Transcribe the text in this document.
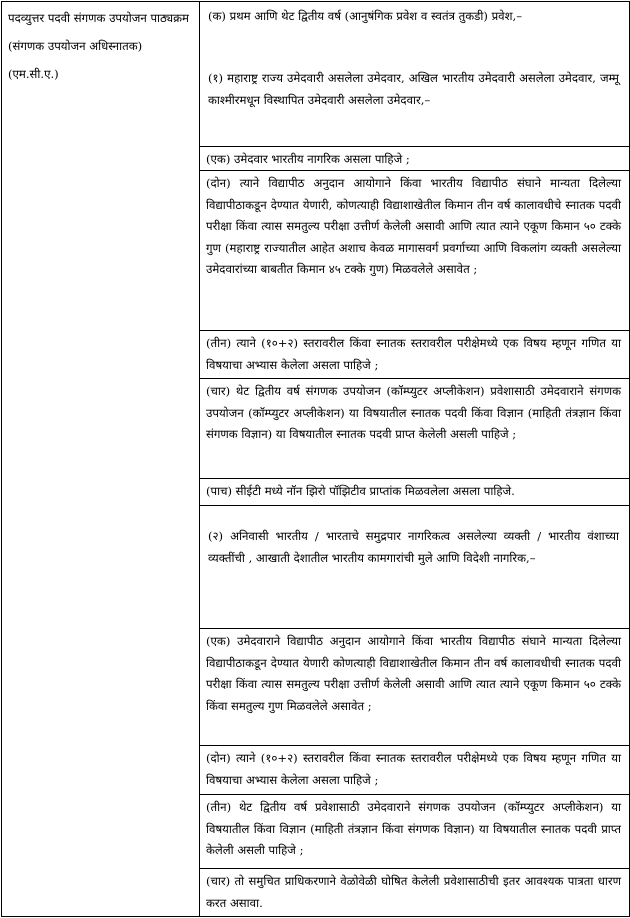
पदव्युत्तर पदवी संगणक उपयोजन पाठ्यक्रम

(संगणक उपयोजन अधिस्नातक)

(एम.सी.ए.)

(क) प्रथम आणि थेट द्वितीय वर्ष (आनुषंगिक प्रवेश व स्वतंत्र तुकडी) प्रवेश,–
(१) महाराष्ट्र राज्य उमेदवारी असलेला उमेदवार, अखिल भारतीय उमेदवारी असलेला उमेदवार, जम्मू काश्मीरमधून विस्थापित उमेदवारी असलेला उमेदवार,–
(एक) उमेदवार भारतीय नागरिक असला पाहिजे ;
(दोन) त्याने विद्यापीठ अनुदान आयोगाने किंवा भारतीय विद्यापीठ संघाने मान्यता दिलेल्या विद्यापीठाकडून देण्यात येणारी, कोणत्याही विद्याशाखेतील किमान तीन वर्ष कालावधीचे स्नातक पदवी परीक्षा किंवा त्यास समतुल्य परीक्षा उत्तीर्ण केलेली असावी आणि त्यात त्याने एकूण किमान ५० टक्के गुण (महाराष्ट्र राज्यातील आहेत अशाच केवळ मागासवर्ग प्रवर्गाच्या आणि विकलांग व्यक्ती असलेल्या उमेदवारांच्या बाबतीत किमान ४५ टक्के गुण) मिळवलेले असावेत ;
(तीन) त्याने (१०+२) स्तरावरील किंवा स्नातक स्तरावरील परीक्षेमध्ये एक विषय म्हणून गणित या विषयाचा अभ्यास केलेला असला पाहिजे ;
(चार) थेट द्वितीय वर्ष संगणक उपयोजन (कॉम्प्युटर अप्लीकेशन) प्रवेशासाठी उमेदवाराने संगणक उपयोजन (कॉम्प्युटर अप्लीकेशन) या विषयातील स्नातक पदवी किंवा विज्ञान (माहिती तंत्रज्ञान किंवा संगणक विज्ञान) या विषयातील स्नातक पदवी प्राप्त केलेली असली पाहिजे ;
(पाच) सीईटी मध्ये नॉन झिरो पॉझिटीव प्राप्तांक मिळवलेला असला पाहिजे.
(२) अनिवासी भारतीय / भारताचे समुद्रपार नागरिकत्व असलेल्या व्यक्ती / भारतीय वंशाच्या व्यक्तींची , आखाती देशातील भारतीय कामगारांची मुले आणि विदेशी नागरिक,–
(एक) उमेदवाराने विद्यापीठ अनुदान आयोगाने किंवा भारतीय विद्यापीठ संघाने मान्यता दिलेल्या विद्यापीठाकडून देण्यात येणारी कोणत्याही विद्याशाखेतील किमान तीन वर्ष कालावधीची स्नातक पदवी परीक्षा किंवा त्यास समतुल्य परीक्षा उत्तीर्ण केलेली असावी आणि त्यात त्याने एकूण किमान ५० टक्के किंवा समतुल्य गुण मिळवलेले असावेत ;
(दोन) त्याने (१०+२) स्तरावरील किंवा स्नातक स्तरावरील परीक्षेमध्ये एक विषय म्हणून गणित या विषयाचा अभ्यास केलेला असला पाहिजे ;
(तीन) थेट द्वितीय वर्ष प्रवेशासाठी उमेदवाराने संगणक उपयोजन (कॉम्प्युटर अप्लीकेशन) या विषयातील किंवा विज्ञान (माहिती तंत्रज्ञान किंवा संगणक विज्ञान) या विषयातील स्नातक पदवी प्राप्त केलेली असली पाहिजे ;
(चार) तो समुचित प्राधिकरणाने वेळोवेळी घोषित केलेली प्रवेशासाठीची इतर आवश्यक पात्रता धारण करत असावा.
